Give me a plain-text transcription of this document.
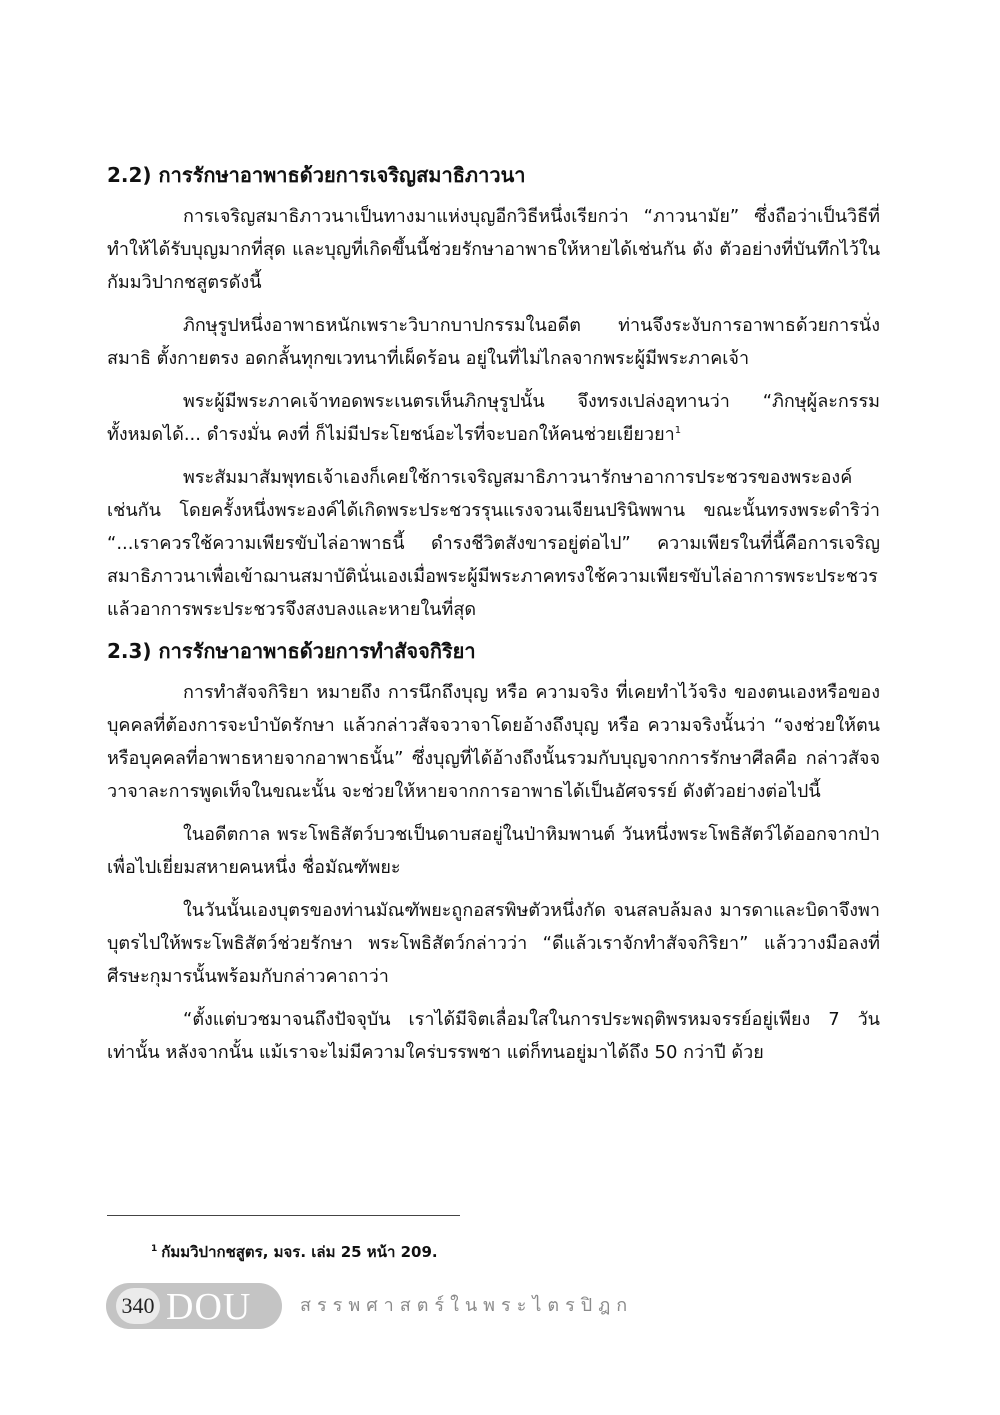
2.2) การรักษาอาพาธด้วยการเจริญสมาธิภาวนา

การเจริญสมาธิภาวนาเป็นทางมาแห่งบุญอีกวิธีหนึ่งเรียกว่า “ภาวนามัย” ซึ่งถือว่าเป็นวิธีที่ทำให้ได้รับบุญมากที่สุด และบุญที่เกิดขึ้นนี้ช่วยรักษาอาพาธให้หายได้เช่นกัน ดัง ตัวอย่างที่บันทึกไว้ในกัมมวิปากชสูตรดังนี้

ภิกษุรูปหนึ่งอาพาธหนักเพราะวิบากบาปกรรมในอดีต ท่านจึงระงับการอาพาธด้วยการนั่งสมาธิ ตั้งกายตรง อดกลั้นทุกขเวทนาที่เผ็ดร้อน อยู่ในที่ไม่ไกลจากพระผู้มีพระภาคเจ้า

พระผู้มีพระภาคเจ้าทอดพระเนตรเห็นภิกษุรูปนั้น จึงทรงเปล่งอุทานว่า “ภิกษุผู้ละกรรมทั้งหมดได้... ดำรงมั่น คงที่ ก็ไม่มีประโยชน์อะไรที่จะบอกให้คนช่วยเยียวยา$^1$

พระสัมมาสัมพุทธเจ้าเองก็เคยใช้การเจริญสมาธิภาวนารักษาอาการประชวรของพระองค์เช่นกัน โดยครั้งหนึ่งพระองค์ได้เกิดพระประชวรรุนแรงจวนเจียนปรินิพพาน ขณะนั้นทรงพระดำริว่า “...เราควรใช้ความเพียรขับไล่อาพาธนี้ ดำรงชีวิตสังขารอยู่ต่อไป” ความเพียรในที่นี้คือการเจริญสมาธิภาวนาเพื่อเข้าฌานสมาบัตินั่นเองเมื่อพระผู้มีพระภาคทรงใช้ความเพียรขับไล่อาการพระประชวรแล้วอาการพระประชวรจึงสงบลงและหายในที่สุด

2.3) การรักษาอาพาธด้วยการทำสัจจกิริยา

การทำสัจจกิริยา หมายถึง การนึกถึงบุญ หรือ ความจริง ที่เคยทำไว้จริง ของตนเองหรือของบุคคลที่ต้องการจะบำบัดรักษา แล้วกล่าวสัจจวาจาโดยอ้างถึงบุญ หรือ ความจริงนั้นว่า “จงช่วยให้ตนหรือบุคคลที่อาพาธหายจากอาพาธนั้น” ซึ่งบุญที่ได้อ้างถึงนั้นรวมกับบุญจากการรักษาศีลคือ กล่าวสัจจวาจาละการพูดเท็จในขณะนั้น จะช่วยให้หายจากการอาพาธได้เป็นอัศจรรย์ ดังตัวอย่างต่อไปนี้

ในอดีตกาล พระโพธิสัตว์บวชเป็นดาบสอยู่ในป่าหิมพานต์ วันหนึ่งพระโพธิสัตว์ได้ออกจากป่าเพื่อไปเยี่ยมสหายคนหนึ่ง ชื่อมัณฑัพยะ

ในวันนั้นเองบุตรของท่านมัณฑัพยะถูกอสรพิษตัวหนึ่งกัด จนสลบล้มลง มารดาและบิดาจึงพาบุตรไปให้พระโพธิสัตว์ช่วยรักษา พระโพธิสัตว์กล่าวว่า “ดีแล้วเราจักทำสัจจกิริยา” แล้ววางมือลงที่ศีรษะกุมารนั้นพร้อมกับกล่าวคาถาว่า

“ตั้งแต่บวชมาจนถึงปัจจุบัน เราได้มีจิตเลื่อมใสในการประพฤติพรหมจรรย์อยู่เพียง 7 วันเท่านั้น หลังจากนั้น แม้เราจะไม่มีความใคร่บรรพชา แต่ก็ทนอยู่มาได้ถึง 50 กว่าปี ด้วย

$^1$ กัมมวิปากชสูตร, มจร. เล่ม 25 หน้า 209.
340 DOU	สรรพศาสตร์ในพระไตรปิฎก
